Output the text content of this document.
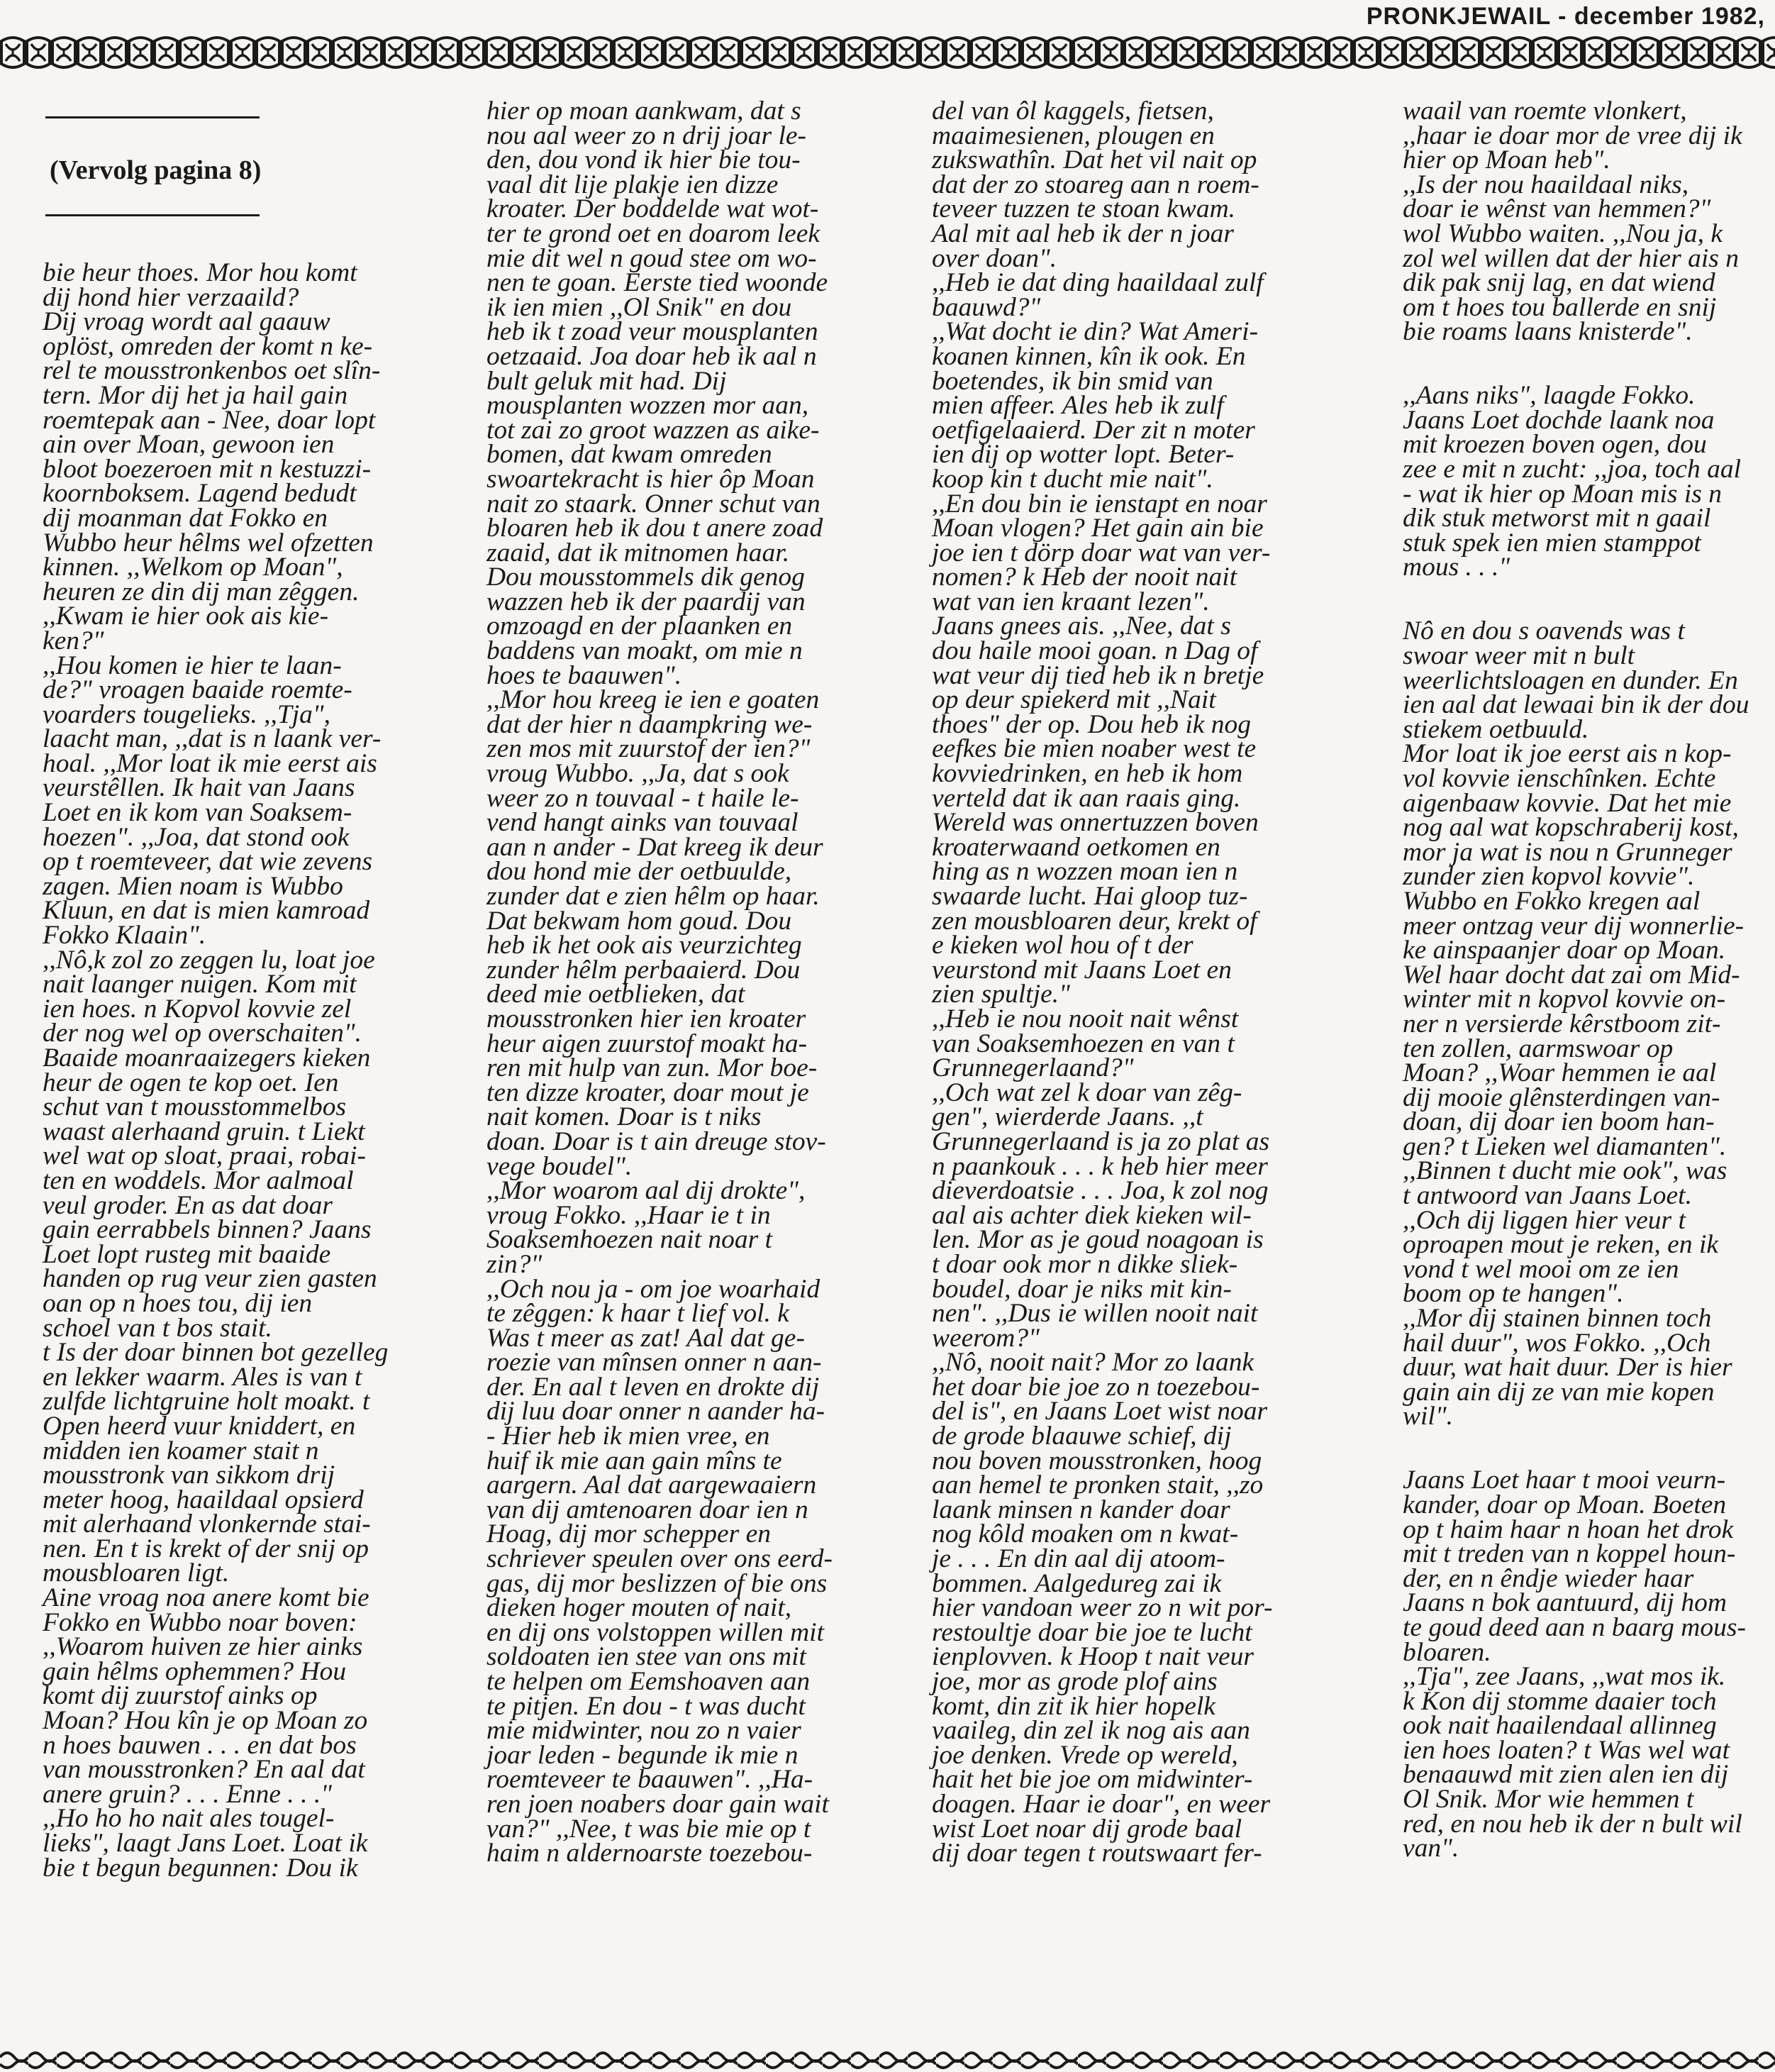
PRONKJEWAIL - december 1982,
(Vervolg pagina 8)
bie heur thoes. Mor hou komt
dij hond hier verzaaild?
Dij vroag wordt aal gaauw
oplöst, omreden der komt n ke-
rel te mousstronkenbos oet slîn-
tern. Mor dij het ja hail gain
roemtepak aan - Nee, doar lopt
ain over Moan, gewoon ien
bloot boezeroen mit n kestuzzi-
koornboksem. Lagend bedudt
dij moanman dat Fokko en
Wubbo heur hêlms wel ofzetten
kinnen. ,,Welkom op Moan",
heuren ze din dij man zêggen.
,,Kwam ie hier ook ais kie-
ken?"
,,Hou komen ie hier te laan-
de?" vroagen baaide roemte-
voarders tougelieks. ,,Tja",
laacht man, ,,dat is n laank ver-
hoal. ,,Mor loat ik mie eerst ais
veurstêllen. Ik hait van Jaans
Loet en ik kom van Soaksem-
hoezen". ,,Joa, dat stond ook
op t roemteveer, dat wie zevens
zagen. Mien noam is Wubbo
Kluun, en dat is mien kamroad
Fokko Klaain".
,,Nô,k zol zo zeggen lu, loat joe
nait laanger nuigen. Kom mit
ien hoes. n Kopvol kovvie zel
der nog wel op overschaiten".
Baaide moanraaizegers kieken
heur de ogen te kop oet. Ien
schut van t mousstommelbos
waast alerhaand gruin. t Liekt
wel wat op sloat, praai, robai-
ten en woddels. Mor aalmoal
veul groder. En as dat doar
gain eerrabbels binnen? Jaans
Loet lopt rusteg mit baaide
handen op rug veur zien gasten
oan op n hoes tou, dij ien
schoel van t bos stait.
t Is der doar binnen bot gezelleg
en lekker waarm. Ales is van t
zulfde lichtgruine holt moakt. t
Open heerd vuur kniddert, en
midden ien koamer stait n
mousstronk van sikkom drij
meter hoog, haaildaal opsierd
mit alerhaand vlonkernde stai-
nen. En t is krekt of der snij op
mousbloaren ligt.
Aine vroag noa anere komt bie
Fokko en Wubbo noar boven:
,,Woarom huiven ze hier ainks
gain hêlms ophemmen? Hou
komt dij zuurstof ainks op
Moan? Hou kîn je op Moan zo
n hoes bauwen . . . en dat bos
van mousstronken? En aal dat
anere gruin? . . . Enne . . ."
,,Ho ho ho nait ales tougel-
lieks", laagt Jans Loet. Loat ik
bie t begun begunnen: Dou ik
hier op moan aankwam, dat s
nou aal weer zo n drij joar le-
den, dou vond ik hier bie tou-
vaal dit lije plakje ien dizze
kroater. Der boddelde wat wot-
ter te grond oet en doarom leek
mie dit wel n goud stee om wo-
nen te goan. Eerste tied woonde
ik ien mien ,,Ol Snik" en dou
heb ik t zoad veur mousplanten
oetzaaid. Joa doar heb ik aal n
bult geluk mit had. Dij
mousplanten wozzen mor aan,
tot zai zo groot wazzen as aike-
bomen, dat kwam omreden
swoartekracht is hier ôp Moan
nait zo staark. Onner schut van
bloaren heb ik dou t anere zoad
zaaid, dat ik mitnomen haar.
Dou mousstommels dik genog
wazzen heb ik der paardij van
omzoagd en der plaanken en
baddens van moakt, om mie n
hoes te baauwen".
,,Mor hou kreeg ie ien e goaten
dat der hier n daampkring we-
zen mos mit zuurstof der ien?"
vroug Wubbo. ,,Ja, dat s ook
weer zo n touvaal - t haile le-
vend hangt ainks van touvaal
aan n ander - Dat kreeg ik deur
dou hond mie der oetbuulde,
zunder dat e zien hêlm op haar.
Dat bekwam hom goud. Dou
heb ik het ook ais veurzichteg
zunder hêlm perbaaierd. Dou
deed mie oetblieken, dat
mousstronken hier ien kroater
heur aigen zuurstof moakt ha-
ren mit hulp van zun. Mor boe-
ten dizze kroater, doar mout je
nait komen. Doar is t niks
doan. Doar is t ain dreuge stov-
vege boudel".
,,Mor woarom aal dij drokte",
vroug Fokko. ,,Haar ie t in
Soaksemhoezen nait noar t
zin?"
,,Och nou ja - om joe woarhaid
te zêggen: k haar t lief vol. k
Was t meer as zat! Aal dat ge-
roezie van mînsen onner n aan-
der. En aal t leven en drokte dij
dij luu doar onner n aander ha-
- Hier heb ik mien vree, en
huif ik mie aan gain mîns te
aargern. Aal dat aargewaaiern
van dij amtenoaren doar ien n
Hoag, dij mor schepper en
schriever speulen over ons eerd-
gas, dij mor beslizzen of bie ons
dieken hoger mouten of nait,
en dij ons volstoppen willen mit
soldoaten ien stee van ons mit
te helpen om Eemshoaven aan
te pitjen. En dou - t was ducht
mie midwinter, nou zo n vaier
joar leden - begunde ik mie n
roemteveer te baauwen". ,,Ha-
ren joen noabers doar gain wait
van?" ,,Nee, t was bie mie op t
haim n aldernoarste toezebou-
del van ôl kaggels, fietsen,
maaimesienen, plougen en
zukswathîn. Dat het vil nait op
dat der zo stoareg aan n roem-
teveer tuzzen te stoan kwam.
Aal mit aal heb ik der n joar
over doan".
,,Heb ie dat ding haaildaal zulf
baauwd?"
,,Wat docht ie din? Wat Ameri-
koanen kinnen, kîn ik ook. En
boetendes, ik bin smid van
mien affeer. Ales heb ik zulf
oetfigelaaierd. Der zit n moter
ien dij op wotter lopt. Beter-
koop kin t ducht mie nait".
,,En dou bin ie ienstapt en noar
Moan vlogen? Het gain ain bie
joe ien t dörp doar wat van ver-
nomen? k Heb der nooit nait
wat van ien kraant lezen".
Jaans gnees ais. ,,Nee, dat s
dou haile mooi goan. n Dag of
wat veur dij tied heb ik n bretje
op deur spiekerd mit ,,Nait
thoes" der op. Dou heb ik nog
eefkes bie mien noaber west te
kovviedrinken, en heb ik hom
verteld dat ik aan raais ging.
Wereld was onnertuzzen boven
kroaterwaand oetkomen en
hing as n wozzen moan ien n
swaarde lucht. Hai gloop tuz-
zen mousbloaren deur, krekt of
e kieken wol hou of t der
veurstond mit Jaans Loet en
zien spultje."
,,Heb ie nou nooit nait wênst
van Soaksemhoezen en van t
Grunnegerlaand?"
,,Och wat zel k doar van zêg-
gen", wierderde Jaans. ,,t
Grunnegerlaand is ja zo plat as
n paankouk . . . k heb hier meer
dieverdoatsie . . . Joa, k zol nog
aal ais achter diek kieken wil-
len. Mor as je goud noagoan is
t doar ook mor n dikke sliek-
boudel, doar je niks mit kin-
nen". ,,Dus ie willen nooit nait
weerom?"
,,Nô, nooit nait? Mor zo laank
het doar bie joe zo n toezebou-
del is", en Jaans Loet wist noar
de grode blaauwe schief, dij
nou boven mousstronken, hoog
aan hemel te pronken stait, ,,zo
laank minsen n kander doar
nog kôld moaken om n kwat-
je . . . En din aal dij atoom-
bommen. Aalgedureg zai ik
hier vandoan weer zo n wit por-
restoultje doar bie joe te lucht
ienplovven. k Hoop t nait veur
joe, mor as grode plof ains
komt, din zit ik hier hopelk
vaaileg, din zel ik nog ais aan
joe denken. Vrede op wereld,
hait het bie joe om midwinter-
doagen. Haar ie doar", en weer
wist Loet noar dij grode baal
dij doar tegen t routswaart fer-
waail van roemte vlonkert,
,,haar ie doar mor de vree dij ik
hier op Moan heb".
,,Is der nou haaildaal niks,
doar ie wênst van hemmen?"
wol Wubbo waiten. ,,Nou ja, k
zol wel willen dat der hier ais n
dik pak snij lag, en dat wiend
om t hoes tou ballerde en snij
bie roams laans knisterde".
,,Aans niks", laagde Fokko.
Jaans Loet dochde laank noa
mit kroezen boven ogen, dou
zee e mit n zucht: ,,joa, toch aal
- wat ik hier op Moan mis is n
dik stuk metworst mit n gaail
stuk spek ien mien stamppot
mous . . ."
Nô en dou s oavends was t
swoar weer mit n bult
weerlichtsloagen en dunder. En
ien aal dat lewaai bin ik der dou
stiekem oetbuuld.
Mor loat ik joe eerst ais n kop-
vol kovvie ienschînken. Echte
aigenbaaw kovvie. Dat het mie
nog aal wat kopschraberij kost,
mor ja wat is nou n Grunneger
zunder zien kopvol kovvie".
Wubbo en Fokko kregen aal
meer ontzag veur dij wonnerlie-
ke ainspaanjer doar op Moan.
Wel haar docht dat zai om Mid-
winter mit n kopvol kovvie on-
ner n versierde kêrstboom zit-
ten zollen, aarmswoar op
Moan? ,,Woar hemmen ie aal
dij mooie glênsterdingen van-
doan, dij doar ien boom han-
gen? t Lieken wel diamanten".
,,Binnen t ducht mie ook", was
t antwoord van Jaans Loet.
,,Och dij liggen hier veur t
oproapen mout je reken, en ik
vond t wel mooi om ze ien
boom op te hangen".
,,Mor dij stainen binnen toch
hail duur", wos Fokko. ,,Och
duur, wat hait duur. Der is hier
gain ain dij ze van mie kopen
wil".
Jaans Loet haar t mooi veurn-
kander, doar op Moan. Boeten
op t haim haar n hoan het drok
mit t treden van n koppel houn-
der, en n êndje wieder haar
Jaans n bok aantuurd, dij hom
te goud deed aan n baarg mous-
bloaren.
,,Tja", zee Jaans, ,,wat mos ik.
k Kon dij stomme daaier toch
ook nait haailendaal allinneg
ien hoes loaten? t Was wel wat
benaauwd mit zien alen ien dij
Ol Snik. Mor wie hemmen t
red, en nou heb ik der n bult wil
van".
